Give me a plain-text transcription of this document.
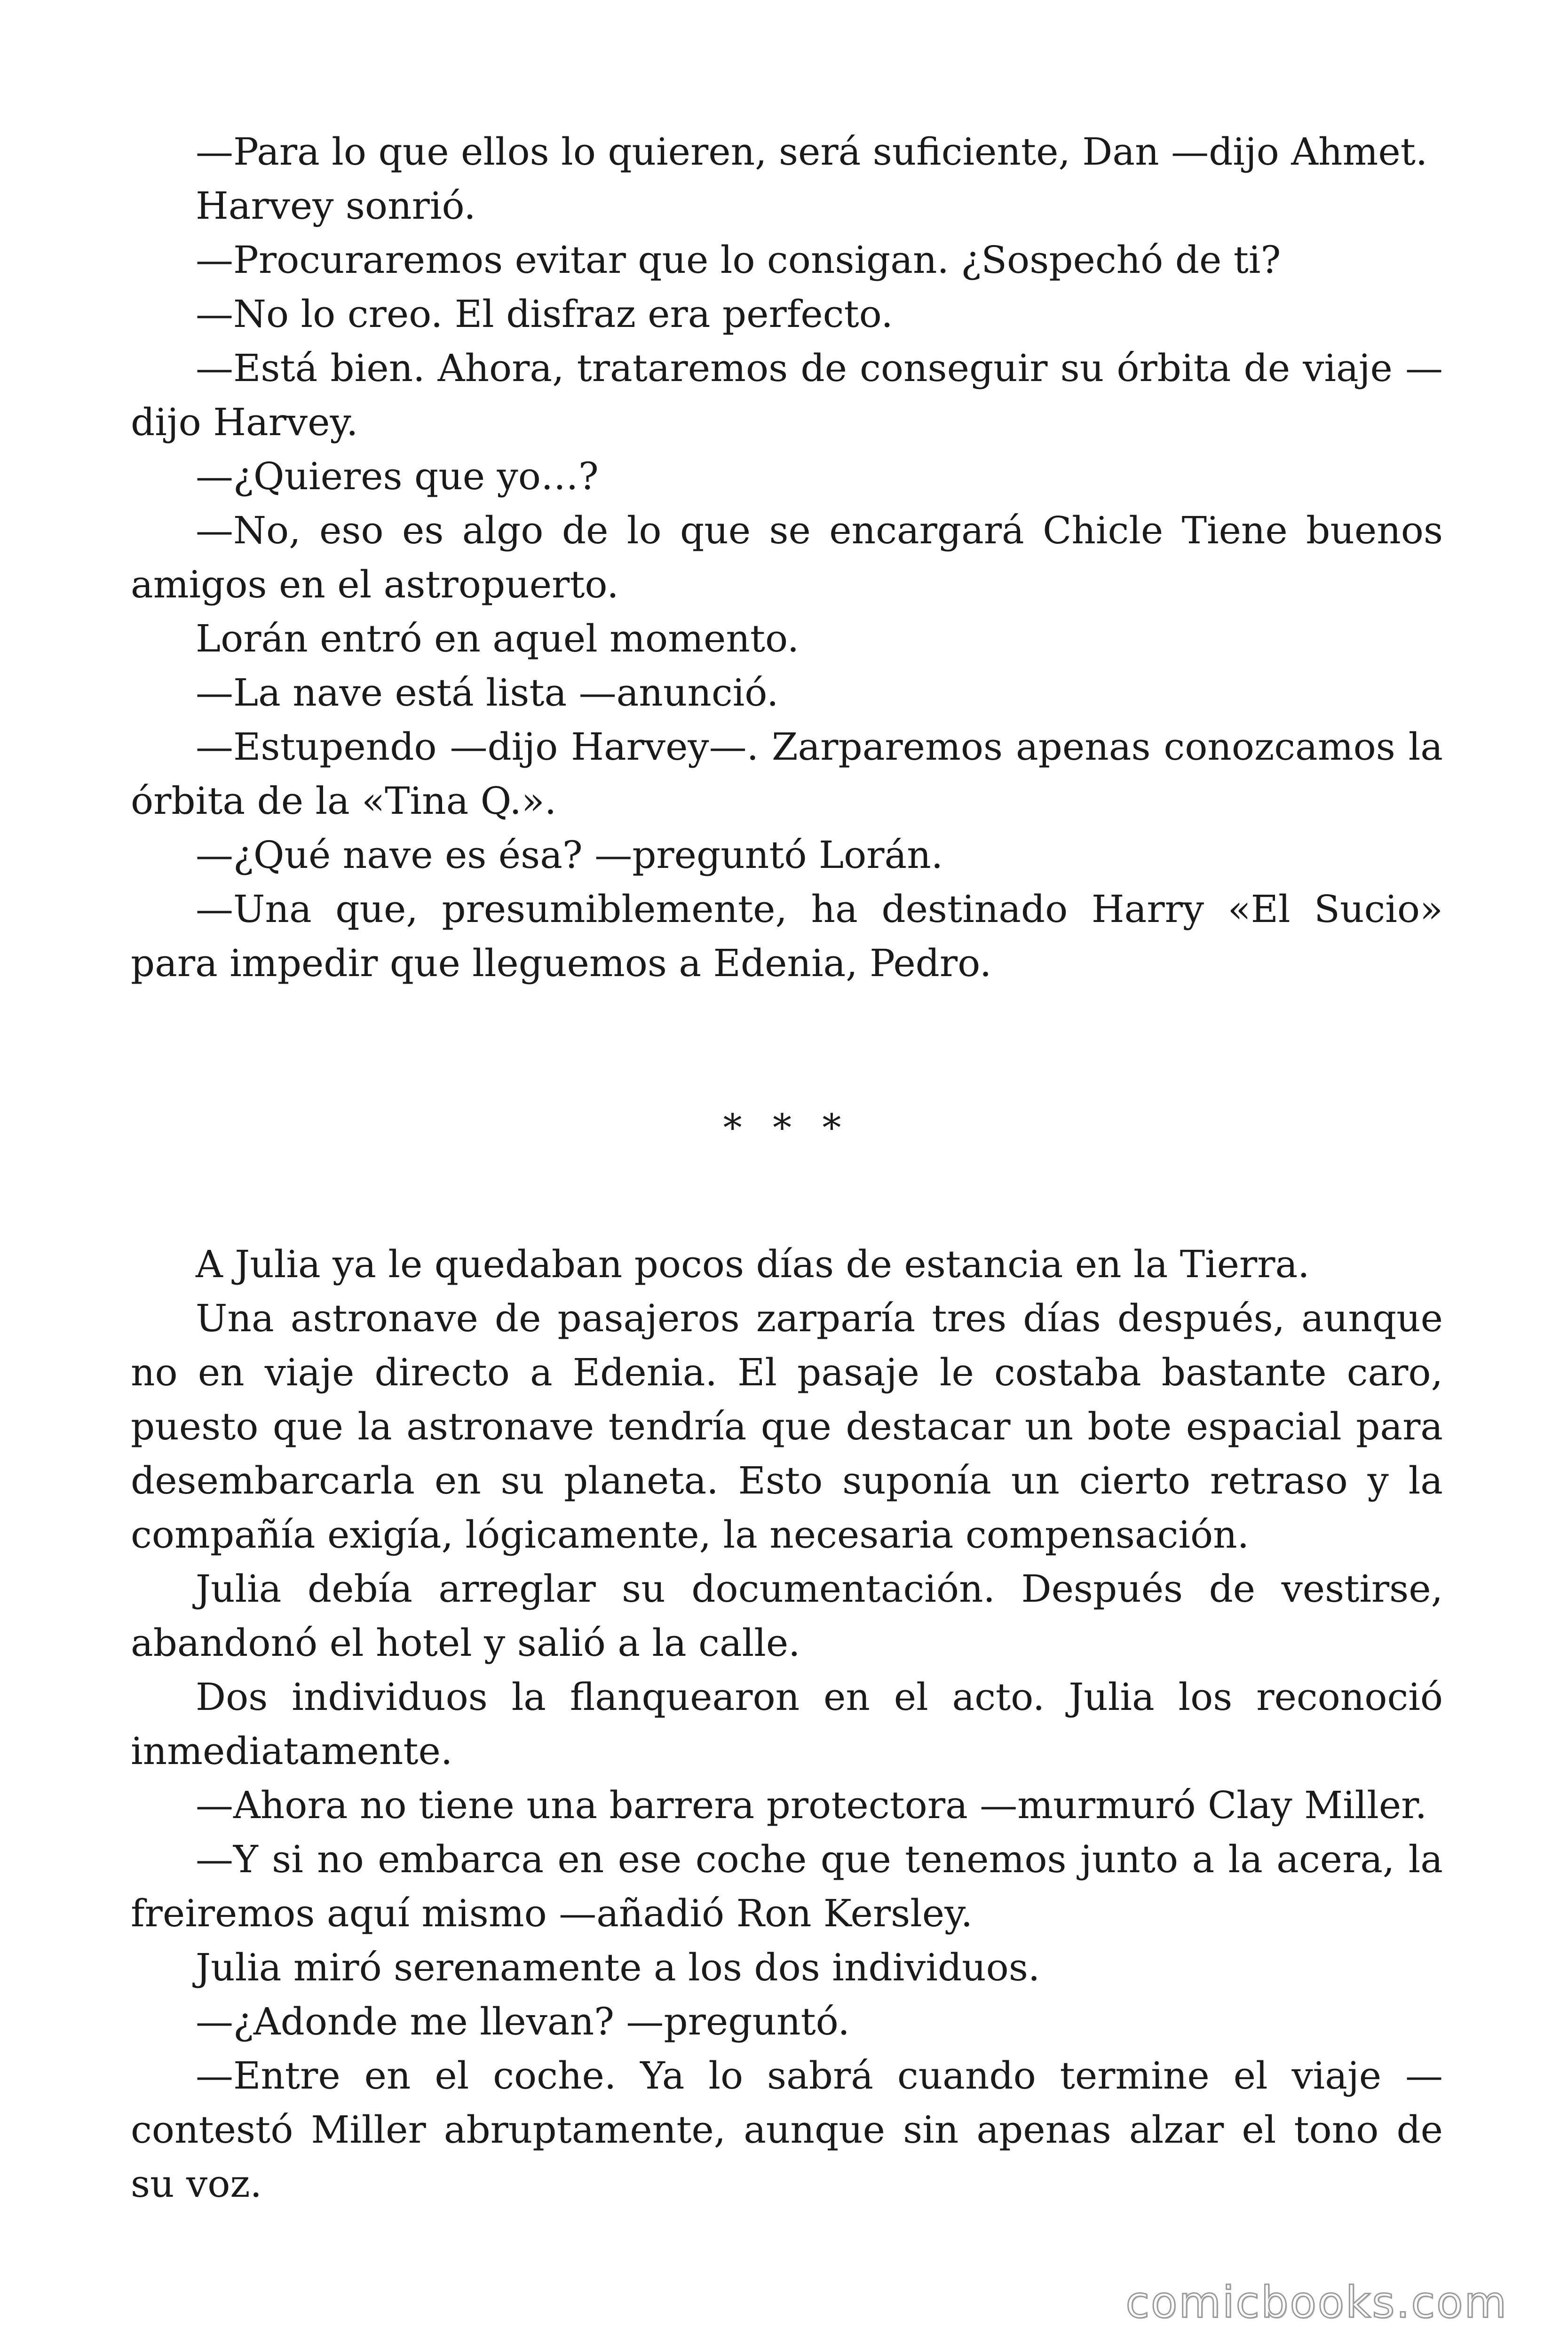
—Para lo que ellos lo quieren, será suficiente, Dan —dijo Ahmet.

Harvey sonrió.

—Procuraremos evitar que lo consigan. ¿Sospechó de ti?

—No lo creo. El disfraz era perfecto.

—Está bien. Ahora, trataremos de conseguir su órbita de viaje —dijo Harvey.

—¿Quieres que yo…?

—No, eso es algo de lo que se encargará Chicle Tiene buenos amigos en el astropuerto.

Lorán entró en aquel momento.

—La nave está lista —anunció.

—Estupendo —dijo Harvey—. Zarparemos apenas conozcamos la órbita de la «Tina Q.».

—¿Qué nave es ésa? —preguntó Lorán.

—Una que, presumiblemente, ha destinado Harry «El Sucio» para impedir que lleguemos a Edenia, Pedro.

* * *

A Julia ya le quedaban pocos días de estancia en la Tierra.

Una astronave de pasajeros zarparía tres días después, aunque no en viaje directo a Edenia. El pasaje le costaba bastante caro, puesto que la astronave tendría que destacar un bote espacial para desembarcarla en su planeta. Esto suponía un cierto retraso y la compañía exigía, lógicamente, la necesaria compensación.

Julia debía arreglar su documentación. Después de vestirse, abandonó el hotel y salió a la calle.

Dos individuos la flanquearon en el acto. Julia los reconoció inmediatamente.

—Ahora no tiene una barrera protectora —murmuró Clay Miller.

—Y si no embarca en ese coche que tenemos junto a la acera, la freiremos aquí mismo —añadió Ron Kersley.

Julia miró serenamente a los dos individuos.

—¿Adonde me llevan? —preguntó.

—Entre en el coche. Ya lo sabrá cuando termine el viaje —contestó Miller abruptamente, aunque sin apenas alzar el tono de su voz.

comicbooks.com
